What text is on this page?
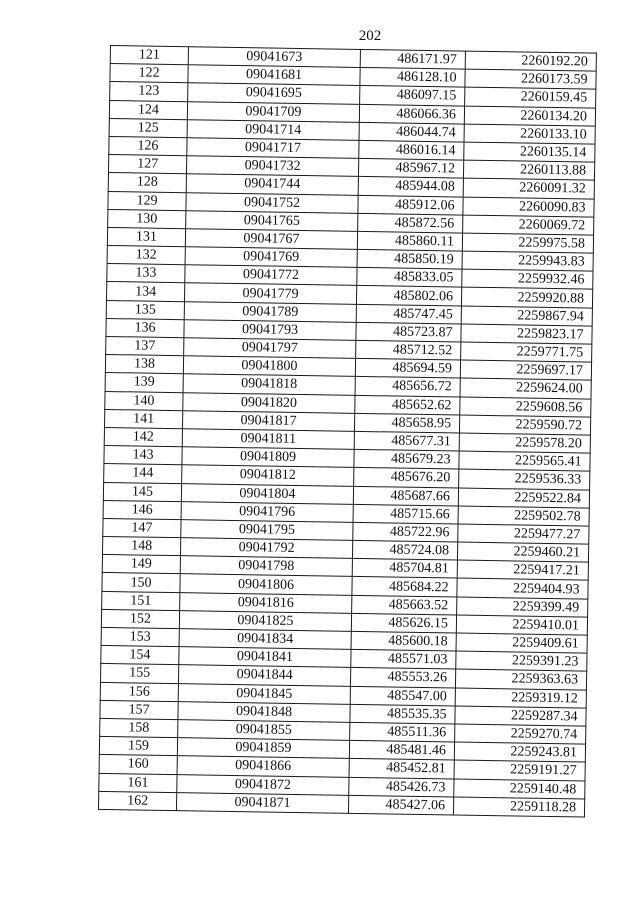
202
121	09041673	486171.97	2260192.20
122	09041681	486128.10	2260173.59
123	09041695	486097.15	2260159.45
124	09041709	486066.36	2260134.20
125	09041714	486044.74	2260133.10
126	09041717	486016.14	2260135.14
127	09041732	485967.12	2260113.88
128	09041744	485944.08	2260091.32
129	09041752	485912.06	2260090.83
130	09041765	485872.56	2260069.72
131	09041767	485860.11	2259975.58
132	09041769	485850.19	2259943.83
133	09041772	485833.05	2259932.46
134	09041779	485802.06	2259920.88
135	09041789	485747.45	2259867.94
136	09041793	485723.87	2259823.17
137	09041797	485712.52	2259771.75
138	09041800	485694.59	2259697.17
139	09041818	485656.72	2259624.00
140	09041820	485652.62	2259608.56
141	09041817	485658.95	2259590.72
142	09041811	485677.31	2259578.20
143	09041809	485679.23	2259565.41
144	09041812	485676.20	2259536.33
145	09041804	485687.66	2259522.84
146	09041796	485715.66	2259502.78
147	09041795	485722.96	2259477.27
148	09041792	485724.08	2259460.21
149	09041798	485704.81	2259417.21
150	09041806	485684.22	2259404.93
151	09041816	485663.52	2259399.49
152	09041825	485626.15	2259410.01
153	09041834	485600.18	2259409.61
154	09041841	485571.03	2259391.23
155	09041844	485553.26	2259363.63
156	09041845	485547.00	2259319.12
157	09041848	485535.35	2259287.34
158	09041855	485511.36	2259270.74
159	09041859	485481.46	2259243.81
160	09041866	485452.81	2259191.27
161	09041872	485426.73	2259140.48
162	09041871	485427.06	2259118.28
